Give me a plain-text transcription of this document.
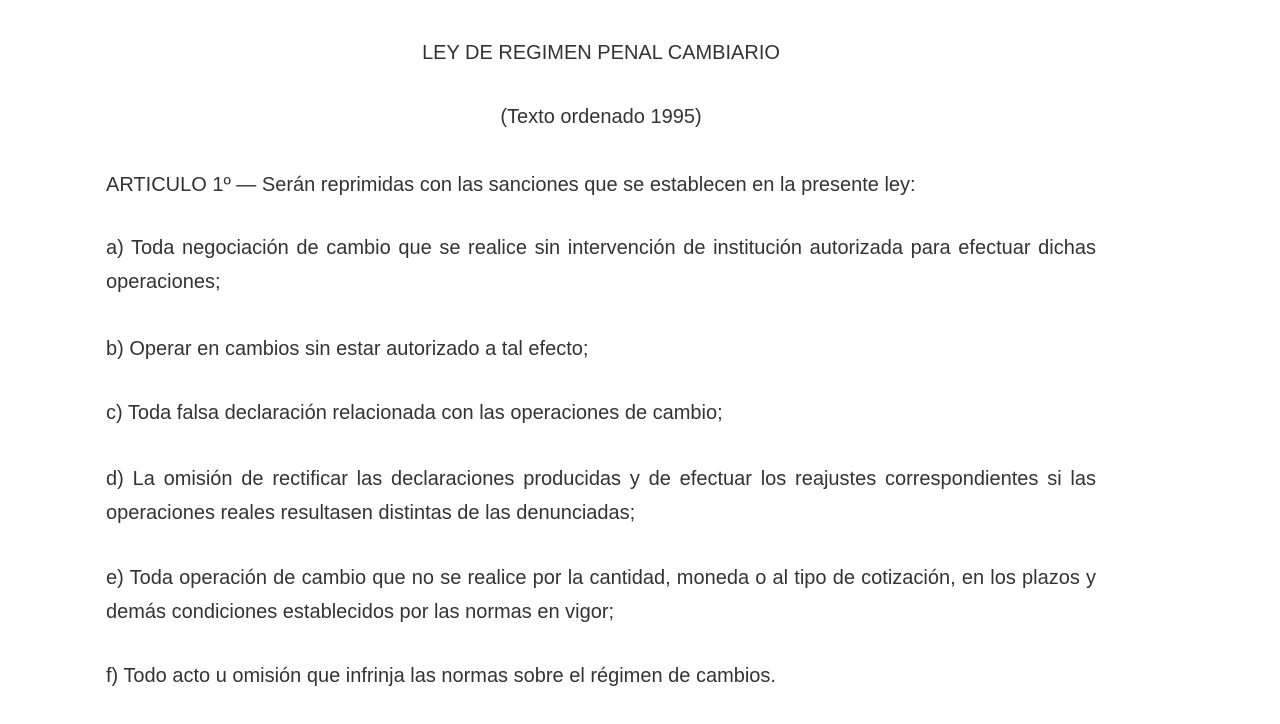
LEY DE REGIMEN PENAL CAMBIARIO

(Texto ordenado 1995)

ARTICULO 1º — Serán reprimidas con las sanciones que se establecen en la presente ley:

a) Toda negociación de cambio que se realice sin intervención de institución autorizada para efectuar dichas operaciones;

b) Operar en cambios sin estar autorizado a tal efecto;

c) Toda falsa declaración relacionada con las operaciones de cambio;

d) La omisión de rectificar las declaraciones producidas y de efectuar los reajustes correspondientes si las operaciones reales resultasen distintas de las denunciadas;

e) Toda operación de cambio que no se realice por la cantidad, moneda o al tipo de cotización, en los plazos y demás condiciones establecidos por las normas en vigor;

f) Todo acto u omisión que infrinja las normas sobre el régimen de cambios.
